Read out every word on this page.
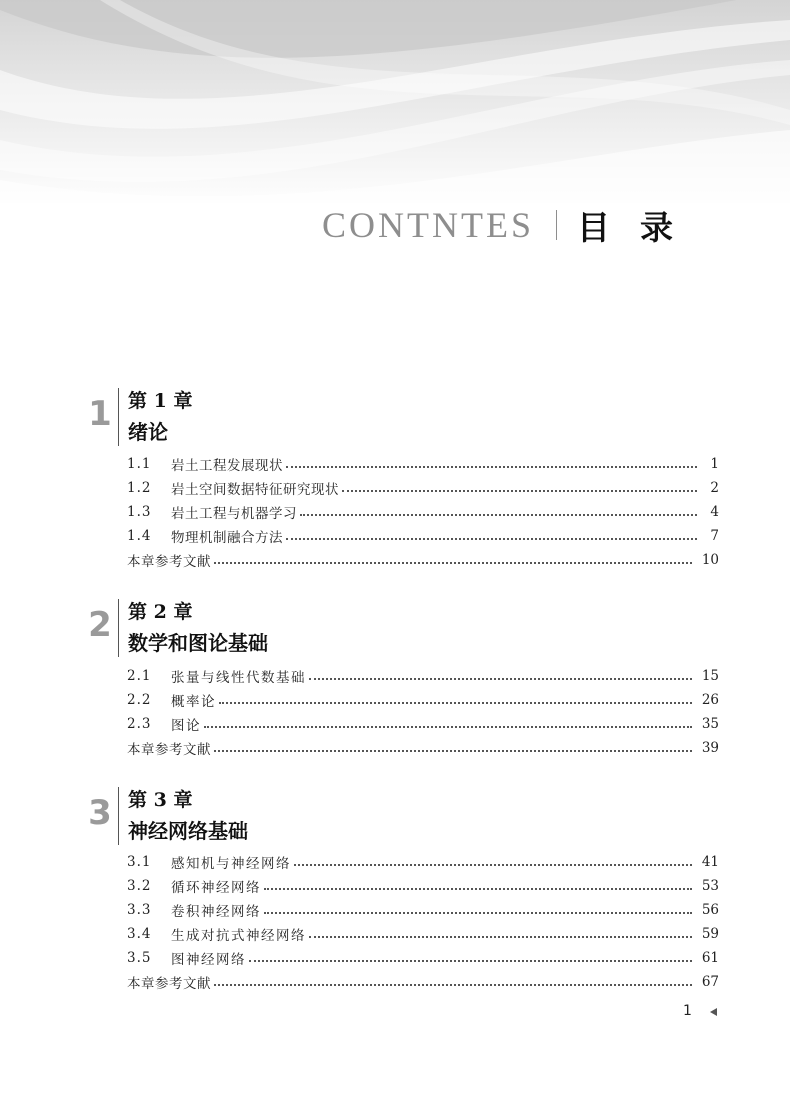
CONTNTES 目录
1 第 1 章
绪论
1.1	岩土工程发展现状	1
1.2	岩土空间数据特征研究现状	2
1.3	岩土工程与机器学习	4
1.4	物理机制融合方法	7
本章参考文献	10
2 第 2 章
数学和图论基础
2.1	张量与线性代数基础	15
2.2	概率论	26
2.3	图论	35
本章参考文献	39
3 第 3 章
神经网络基础
3.1	感知机与神经网络	41
3.2	循环神经网络	53
3.3	卷积神经网络	56
3.4	生成对抗式神经网络	59
3.5	图神经网络	61
本章参考文献	67
1
